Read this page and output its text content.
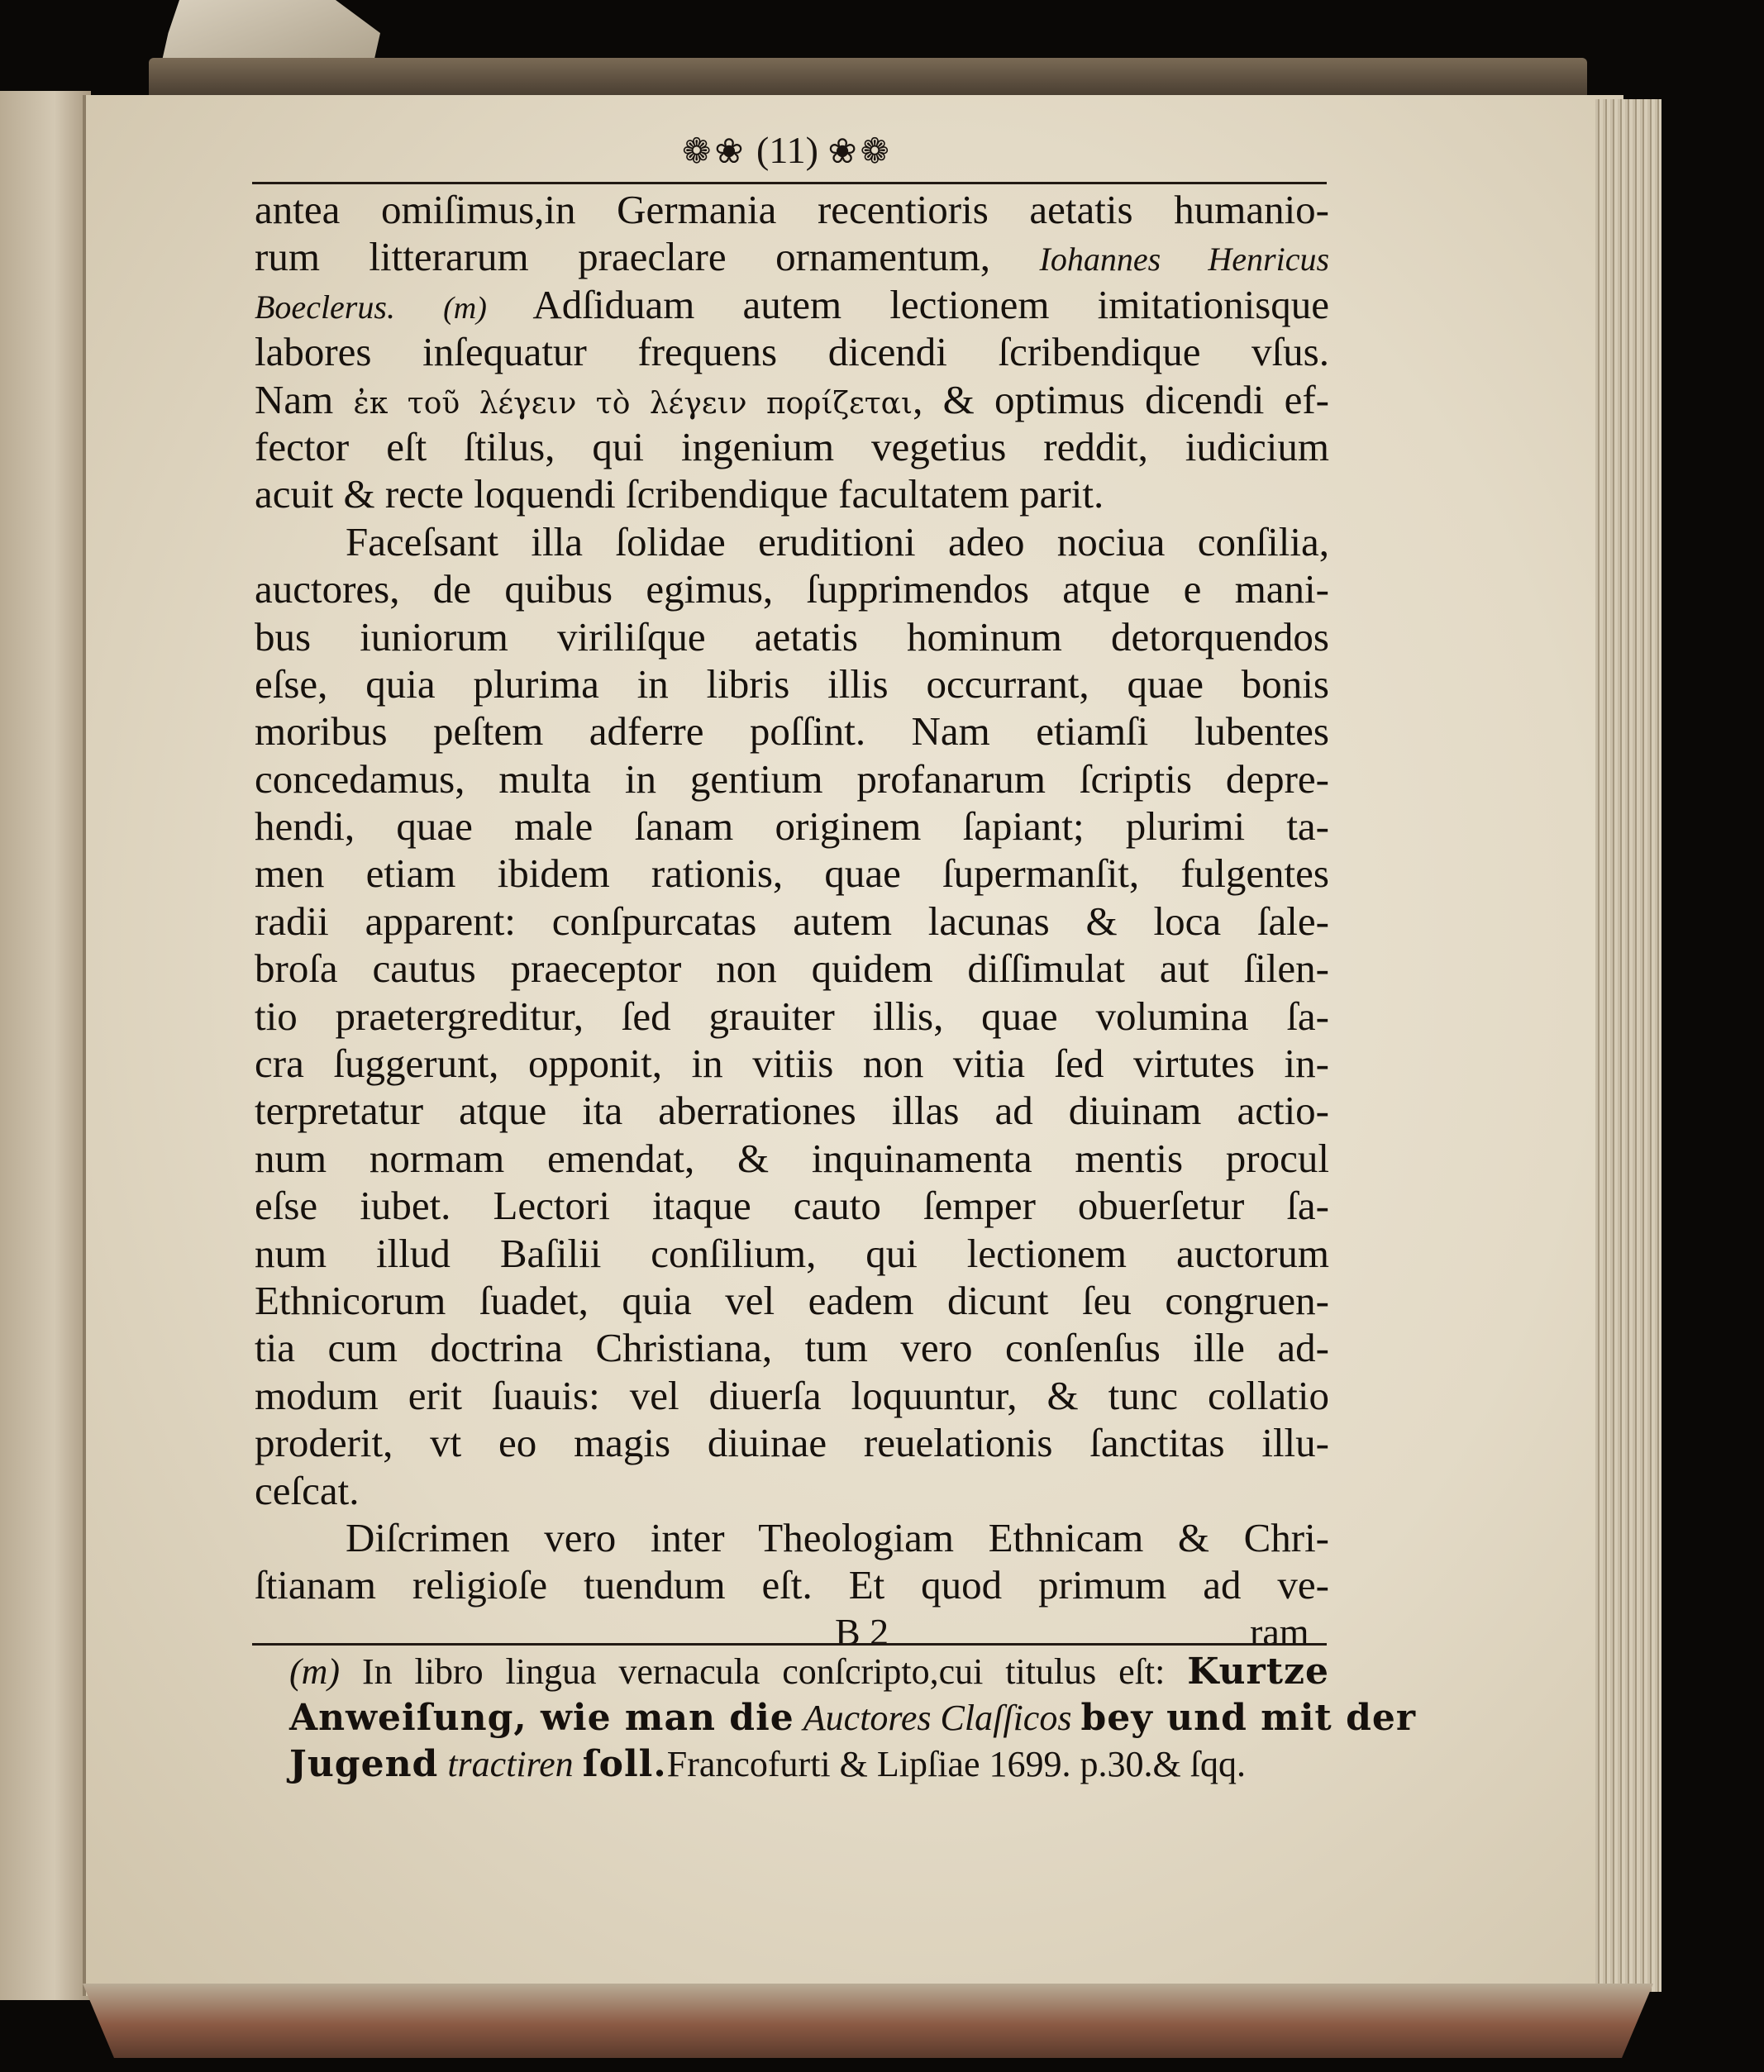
❁❀ (11) ❀❁
antea omiſimus,in Germania recentioris aetatis humanio-
rum litterarum praeclare ornamentum, Iohannes Henricus
Boeclerus. (m) Adſiduam autem lectionem imitationisque
labores inſequatur frequens dicendi ſcribendique vſus.
Nam ἐκ τοῦ λέγειν τὸ λέγειν πορίζεται, & optimus dicendi ef-
fector eſt ſtilus, qui ingenium vegetius reddit, iudicium
acuit & recte loquendi ſcribendique facultatem parit.
Faceſsant illa ſolidae eruditioni adeo nociua conſilia,
auctores, de quibus egimus, ſupprimendos atque e mani-
bus iuniorum viriliſque aetatis hominum detorquendos
eſse, quia plurima in libris illis occurrant, quae bonis
moribus peſtem adferre poſſint. Nam etiamſi lubentes
concedamus, multa in gentium profanarum ſcriptis depre-
hendi, quae male ſanam originem ſapiant; plurimi ta-
men etiam ibidem rationis, quae ſupermanſit, fulgentes
radii apparent: conſpurcatas autem lacunas & loca ſale-
broſa cautus praeceptor non quidem diſſimulat aut ſilen-
tio praetergreditur, ſed grauiter illis, quae volumina ſa-
cra ſuggerunt, opponit, in vitiis non vitia ſed virtutes in-
terpretatur atque ita aberrationes illas ad diuinam actio-
num normam emendat, & inquinamenta mentis procul
eſse iubet. Lectori itaque cauto ſemper obuerſetur ſa-
num illud Baſilii conſilium, qui lectionem auctorum
Ethnicorum ſuadet, quia vel eadem dicunt ſeu congruen-
tia cum doctrina Christiana, tum vero conſenſus ille ad-
modum erit ſuauis: vel diuerſa loquuntur, & tunc collatio
proderit, vt eo magis diuinae reuelationis ſanctitas illu-
ceſcat.
Diſcrimen vero inter Theologiam Ethnicam & Chri-
ſtianam religioſe tuendum eſt. Et quod primum ad ve-
B 2	ram
(m) In libro lingua vernacula conſcripto,cui titulus eſt: Kurtze
Anweiſung, wie man die Auctores Claſſicos bey und mit der
Jugend tractiren ſoll.Francofurti & Lipſiae 1699. p.30.& ſqq.
